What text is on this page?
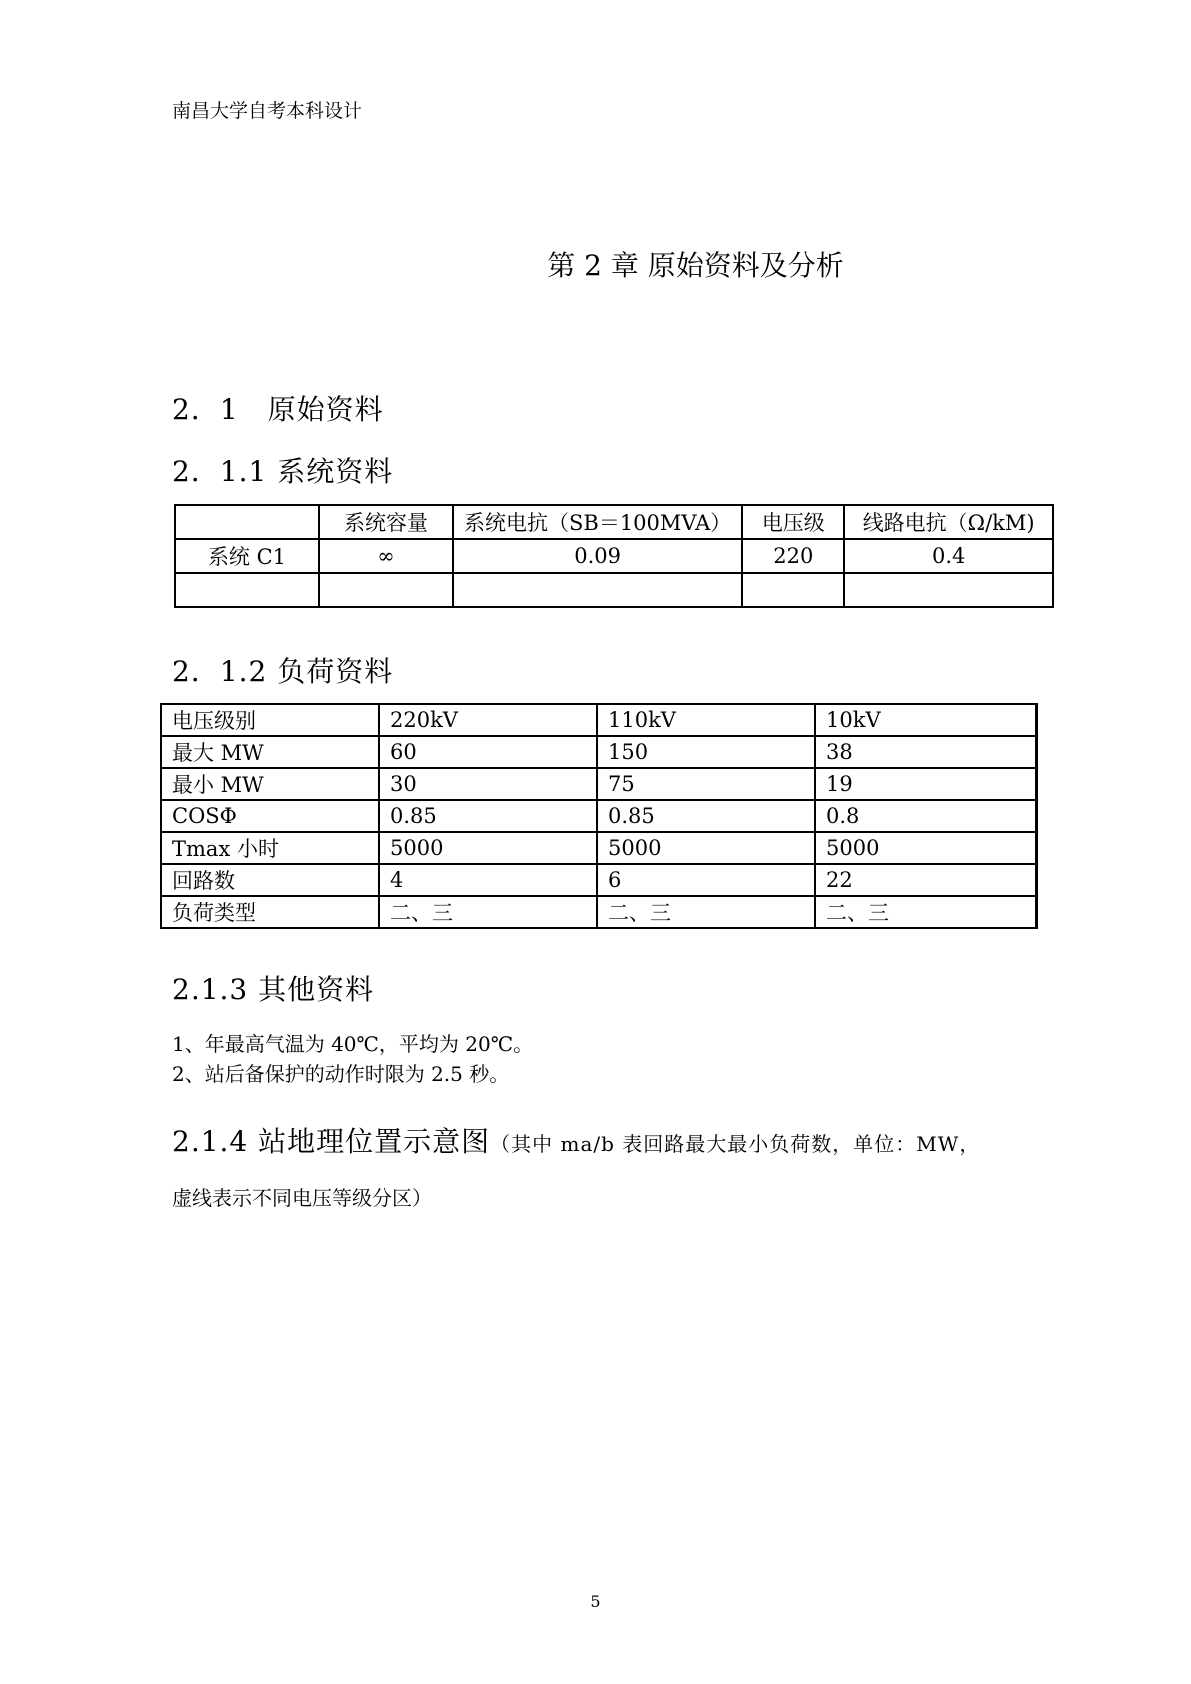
南昌大学自考本科设计
第 2 章 原始资料及分析
2．1　原始资料
2．1.1 系统资料
	系统容量	系统电抗（SB＝100MVA）	电压级	线路电抗（Ω/kM)
系统 C1	∞	0.09	220	0.4

2．1.2 负荷资料
电压级别	220kV	110kV	10kV
最大 MW	60	150	38
最小 MW	30	75	19
COSΦ	0.85	0.85	0.8
Tmax 小时	5000	5000	5000
回路数	4	6	22
负荷类型	二、三	二、三	二、三
2.1.3 其他资料
1、年最高气温为 40℃，平均为 20℃。
2、站后备保护的动作时限为 2.5 秒。
2.1.4 站地理位置示意图（其中 ma/b 表回路最大最小负荷数，单位：MW，
虚线表示不同电压等级分区）
5
